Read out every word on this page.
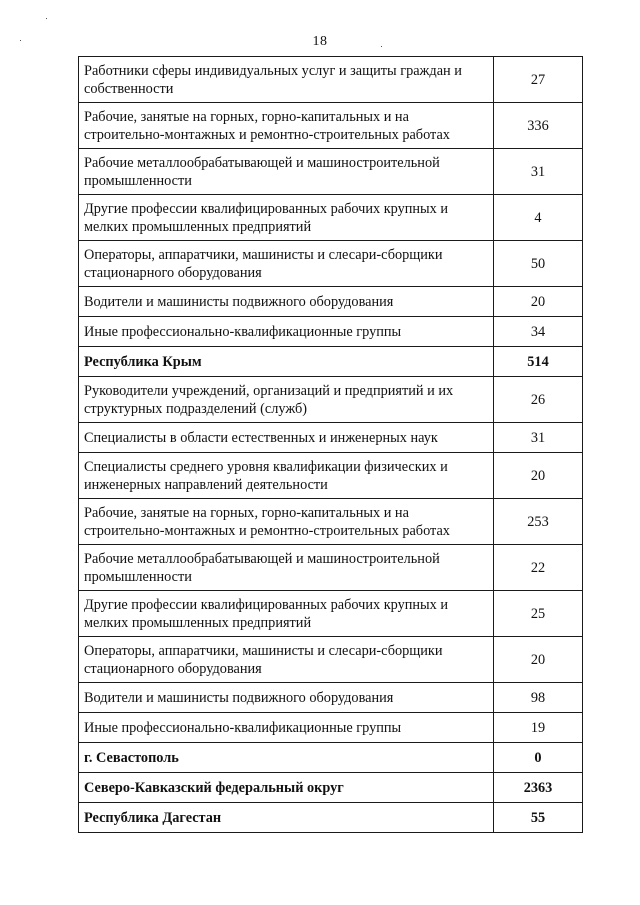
18
Работники сферы индивидуальных услуг и защиты граждан и собственности	27
Рабочие, занятые на горных, горно-капитальных и на строительно-монтажных и ремонтно-строительных работах	336
Рабочие металлообрабатывающей и машиностроительной промышленности	31
Другие профессии квалифицированных рабочих крупных и мелких промышленных предприятий	4
Операторы, аппаратчики, машинисты и слесари-сборщики стационарного оборудования	50
Водители и машинисты подвижного оборудования	20
Иные профессионально-квалификационные группы	34
Республика Крым	514
Руководители учреждений, организаций и предприятий и их структурных подразделений (служб)	26
Специалисты в области естественных и инженерных наук	31
Специалисты среднего уровня квалификации физических и инженерных направлений деятельности	20
Рабочие, занятые на горных, горно-капитальных и на строительно-монтажных и ремонтно-строительных работах	253
Рабочие металлообрабатывающей и машиностроительной промышленности	22
Другие профессии квалифицированных рабочих крупных и мелких промышленных предприятий	25
Операторы, аппаратчики, машинисты и слесари-сборщики стационарного оборудования	20
Водители и машинисты подвижного оборудования	98
Иные профессионально-квалификационные группы	19
г. Севастополь	0
Северо-Кавказский федеральный округ	2363
Республика Дагестан	55
